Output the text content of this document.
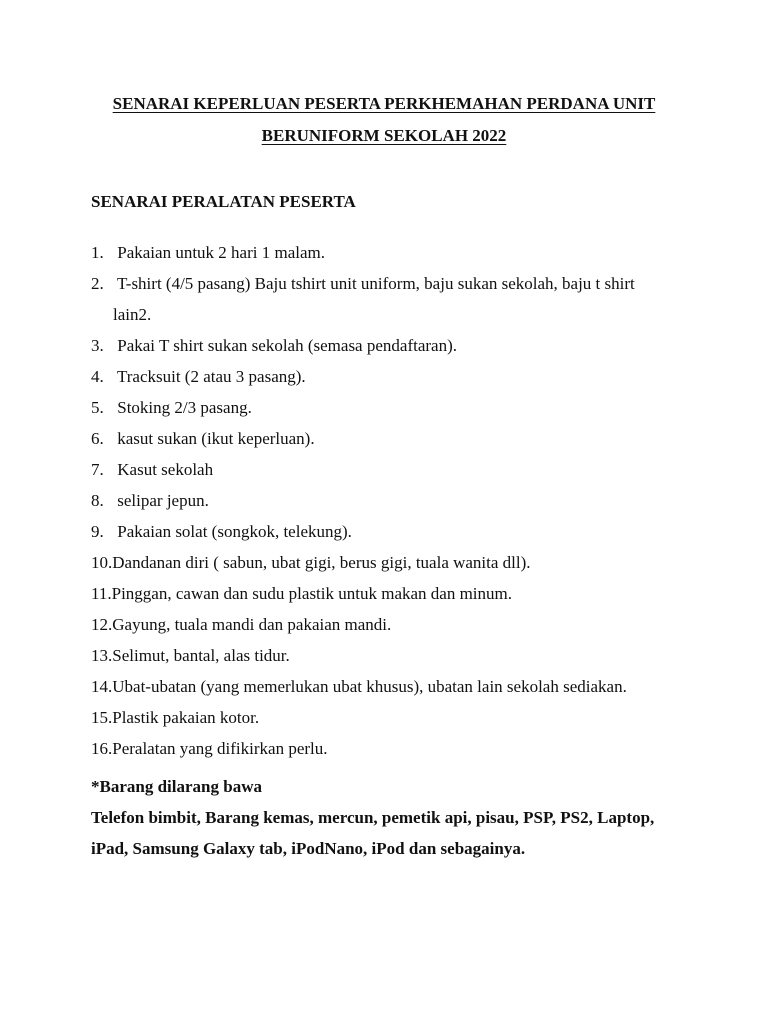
SENARAI KEPERLUAN PESERTA PERKHEMAHAN PERDANA UNIT
BERUNIFORM SEKOLAH 2022
SENARAI PERALATAN PESERTA
1. Pakaian untuk 2 hari 1 malam.
2. T-shirt (4/5 pasang) Baju tshirt unit uniform, baju sukan sekolah, baju t shirt
lain2.
3. Pakai T shirt sukan sekolah (semasa pendaftaran).
4. Tracksuit (2 atau 3 pasang).
5. Stoking 2/3 pasang.
6. kasut sukan (ikut keperluan).
7. Kasut sekolah
8. selipar jepun.
9. Pakaian solat (songkok, telekung).
10.Dandanan diri ( sabun, ubat gigi, berus gigi, tuala wanita dll).
11.Pinggan, cawan dan sudu plastik untuk makan dan minum.
12.Gayung, tuala mandi dan pakaian mandi.
13.Selimut, bantal, alas tidur.
14.Ubat-ubatan (yang memerlukan ubat khusus), ubatan lain sekolah sediakan.
15.Plastik pakaian kotor.
16.Peralatan yang difikirkan perlu.

*Barang dilarang bawa

Telefon bimbit, Barang kemas, mercun, pemetik api, pisau, PSP, PS2, Laptop,

iPad, Samsung Galaxy tab, iPodNano, iPod dan sebagainya.
